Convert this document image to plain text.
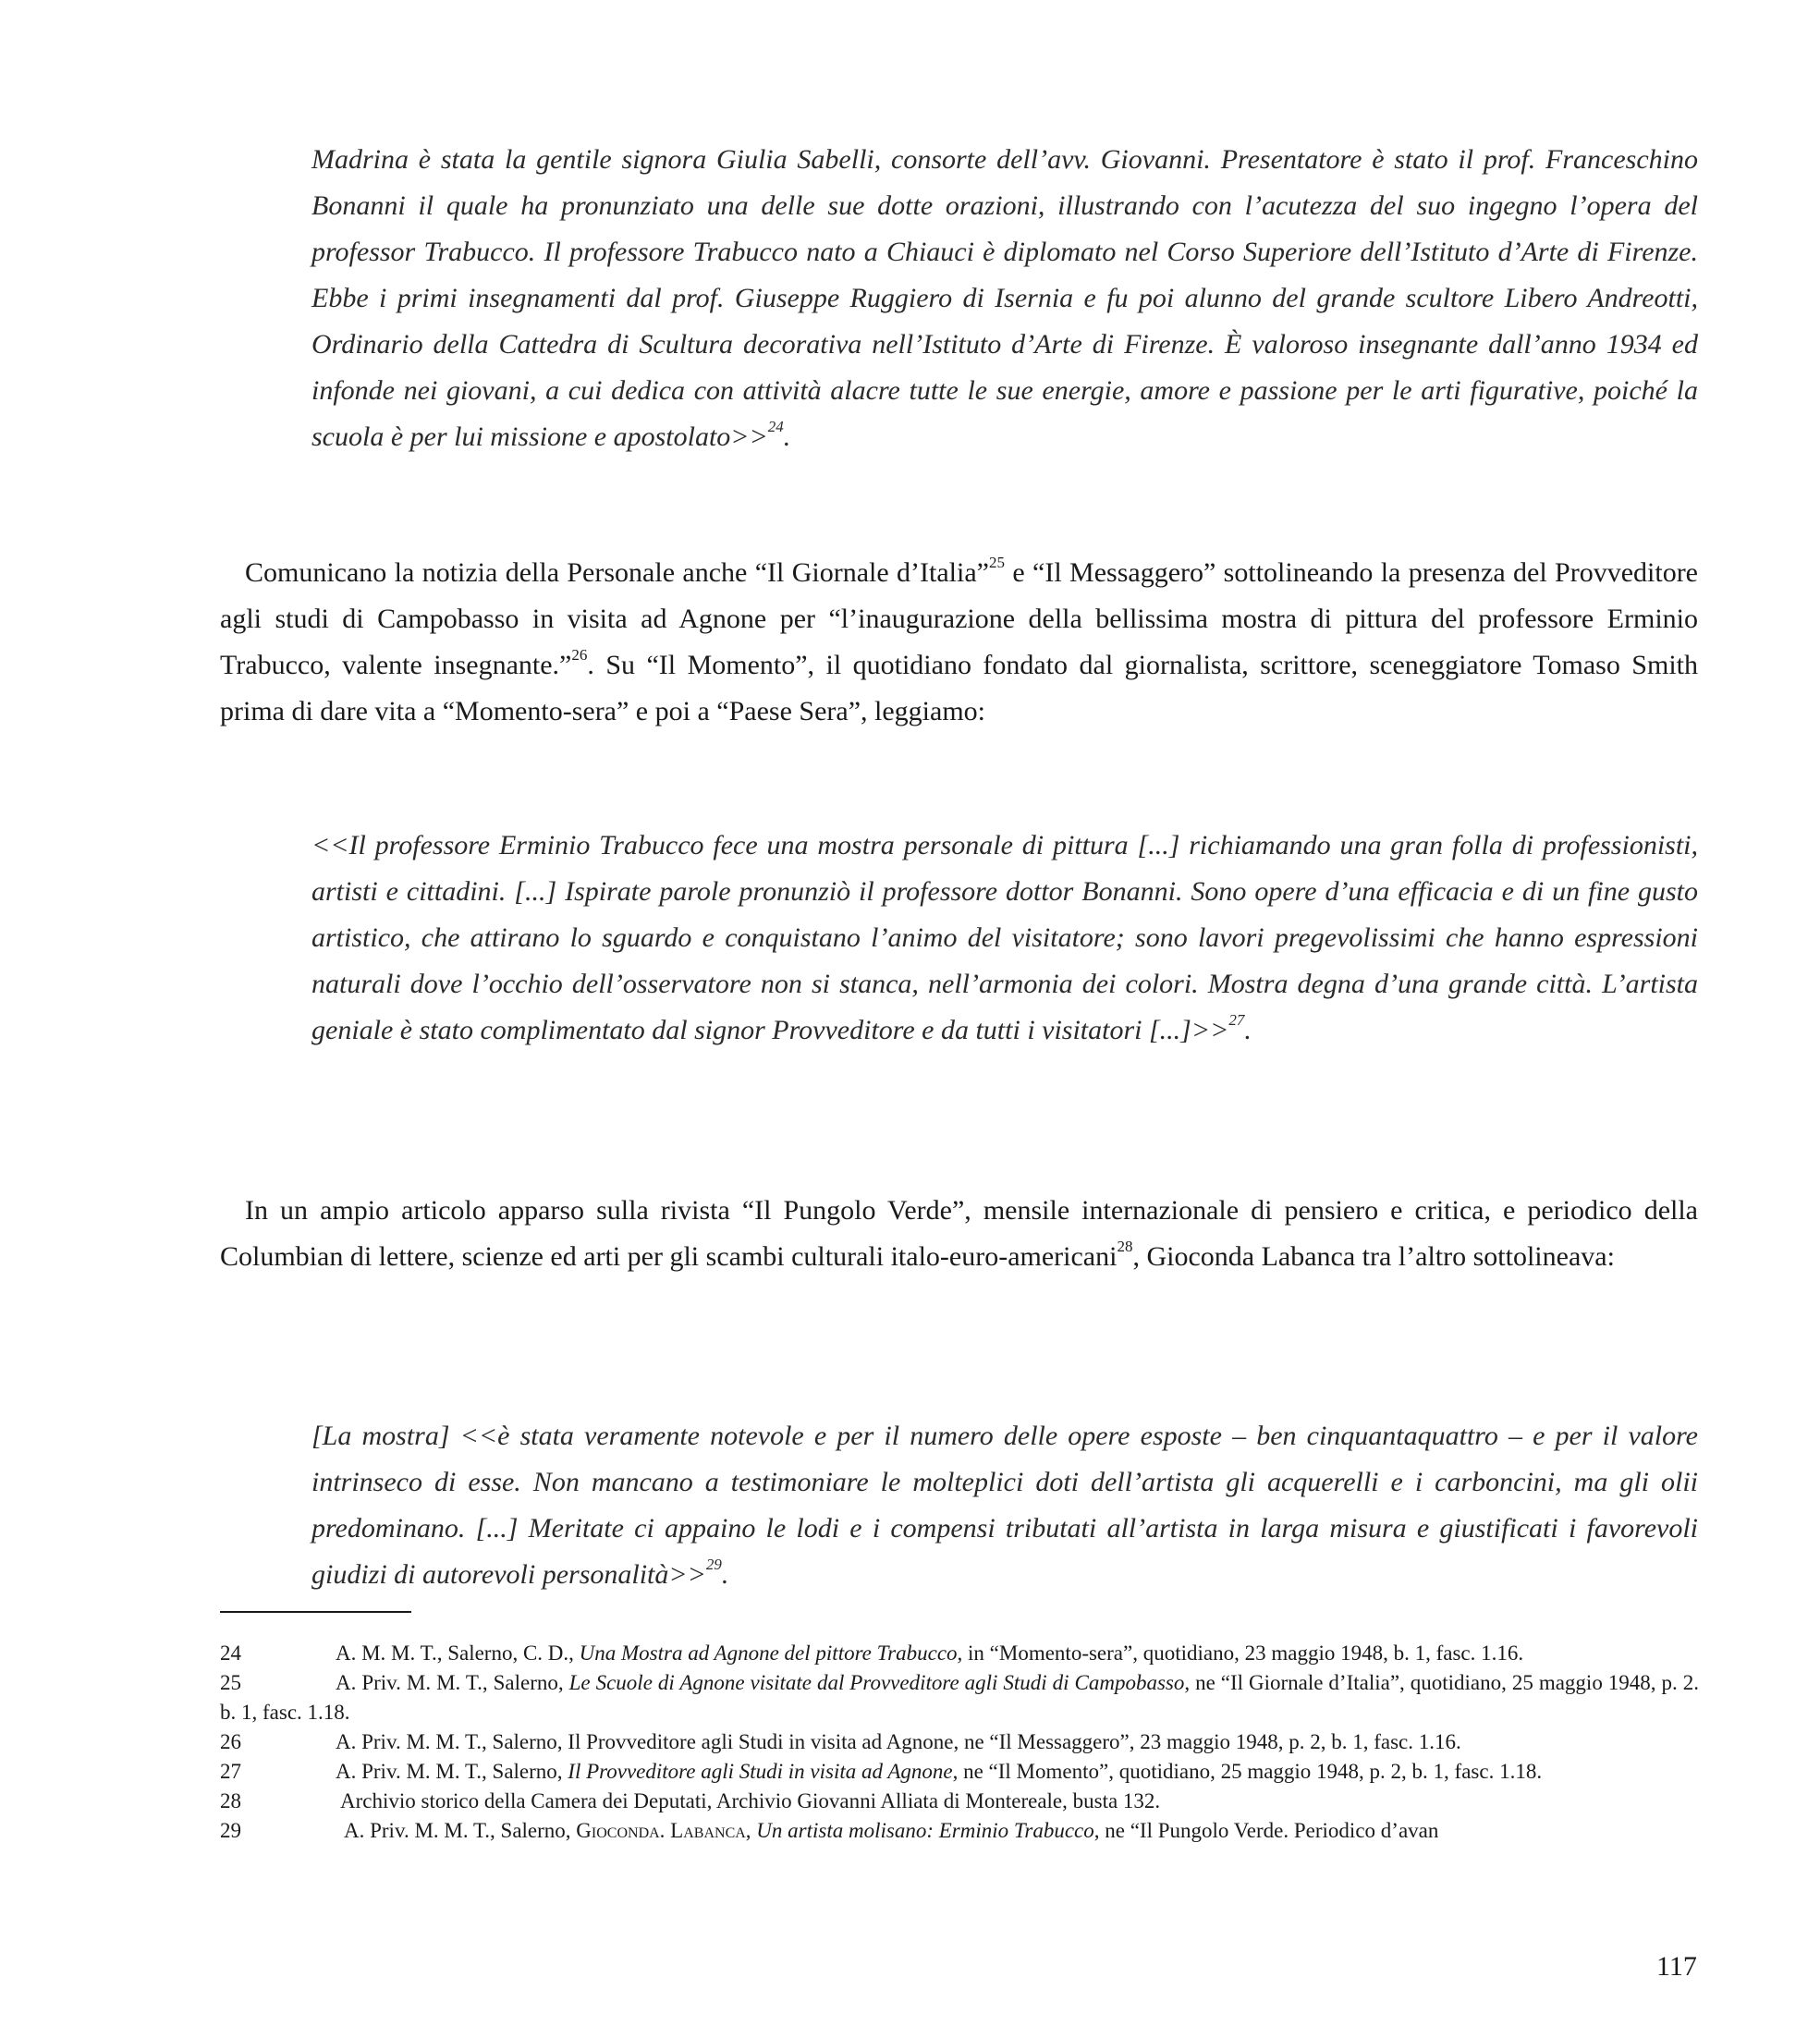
Madrina è stata la gentile signora Giulia Sabelli, consorte dell’avv. Giovanni. Presentatore è stato il prof. Franceschino Bonanni il quale ha pronunziato una delle sue dotte orazioni, illustrando con l’acutezza del suo ingegno l’opera del professor Trabucco. Il professore Trabucco nato a Chiauci è diplomato nel Corso Superiore dell’Istituto d’Arte di Firenze. Ebbe i primi insegnamenti dal prof. Giuseppe Ruggiero di Isernia e fu poi alunno del grande scultore Libero Andreotti, Ordinario della Cattedra di Scultura decorativa nell’Istituto d’Arte di Firenze. È valoroso insegnante dall’anno 1934 ed infonde nei giovani, a cui dedica con attività alacre tutte le sue energie, amore e passione per le arti figurative, poiché la scuola è per lui missione e apostolato>>$^{24}$.

Comunicano la notizia della Personale anche “Il Giornale d’Italia”$^{25}$ e “Il Messaggero” sottolineando la presenza del Provveditore agli studi di Campobasso in visita ad Agnone per “l’inaugurazione della bellissima mostra di pittura del professore Erminio Trabucco, valente insegnante.”$^{26}$. Su “Il Momento”, il quotidiano fondato dal giornalista, scrittore, sceneggiatore Tomaso Smith prima di dare vita a “Momento-sera” e poi a “Paese Sera”, leggiamo:

<<Il professore Erminio Trabucco fece una mostra personale di pittura [...] richiamando una gran folla di professionisti, artisti e cittadini. [...] Ispirate parole pronunziò il professore dottor Bonanni. Sono opere d’una efficacia e di un fine gusto artistico, che attirano lo sguardo e conquistano l’animo del visitatore; sono lavori pregevolissimi che hanno espressioni naturali dove l’occhio dell’osservatore non si stanca, nell’armonia dei colori. Mostra degna d’una grande città. L’artista geniale è stato complimentato dal signor Provveditore e da tutti i visitatori [...]>>$^{27}$.

In un ampio articolo apparso sulla rivista “Il Pungolo Verde”, mensile internazionale di pensiero e critica, e periodico della Columbian di lettere, scienze ed arti per gli scambi culturali italo-euro-americani$^{28}$, Gioconda Labanca tra l’altro sottolineava:

[La mostra] <<è stata veramente notevole e per il numero delle opere esposte – ben cinquantaquattro – e per il valore intrinseco di esse. Non mancano a testimoniare le molteplici doti dell’artista gli acquerelli e i carboncini, ma gli olii predominano. [...] Meritate ci appaino le lodi e i compensi tributati all’artista in larga misura e giustificati i favorevoli giudizi di autorevoli personalità>>$^{29}$.

24	A. M. M. T., Salerno, C. D., Una Mostra ad Agnone del pittore Trabucco, in “Momento-sera”, quotidiano, 23 maggio 1948, b. 1, fasc. 1.16.

25	A. Priv. M. M. T., Salerno, Le Scuole di Agnone visitate dal Provveditore agli Studi di Campobasso, ne “Il Giornale d’Italia”, quotidiano, 25 maggio 1948, p. 2. b. 1, fasc. 1.18.

26	A. Priv. M. M. T., Salerno, Il Provveditore agli Studi in visita ad Agnone, ne “Il Messaggero”, 23 maggio 1948, p. 2, b. 1, fasc. 1.16.

27	A. Priv. M. M. T., Salerno, Il Provveditore agli Studi in visita ad Agnone, ne “Il Momento”, quotidiano, 25 maggio 1948, p. 2, b. 1, fasc. 1.18.

28	Archivio storico della Camera dei Deputati, Archivio Giovanni Alliata di Montereale, busta 132.

29	A. Priv. M. M. T., Salerno, Gioconda. Labanca, Un artista molisano: Erminio Trabucco, ne “Il Pungolo Verde. Periodico d’avan

117
